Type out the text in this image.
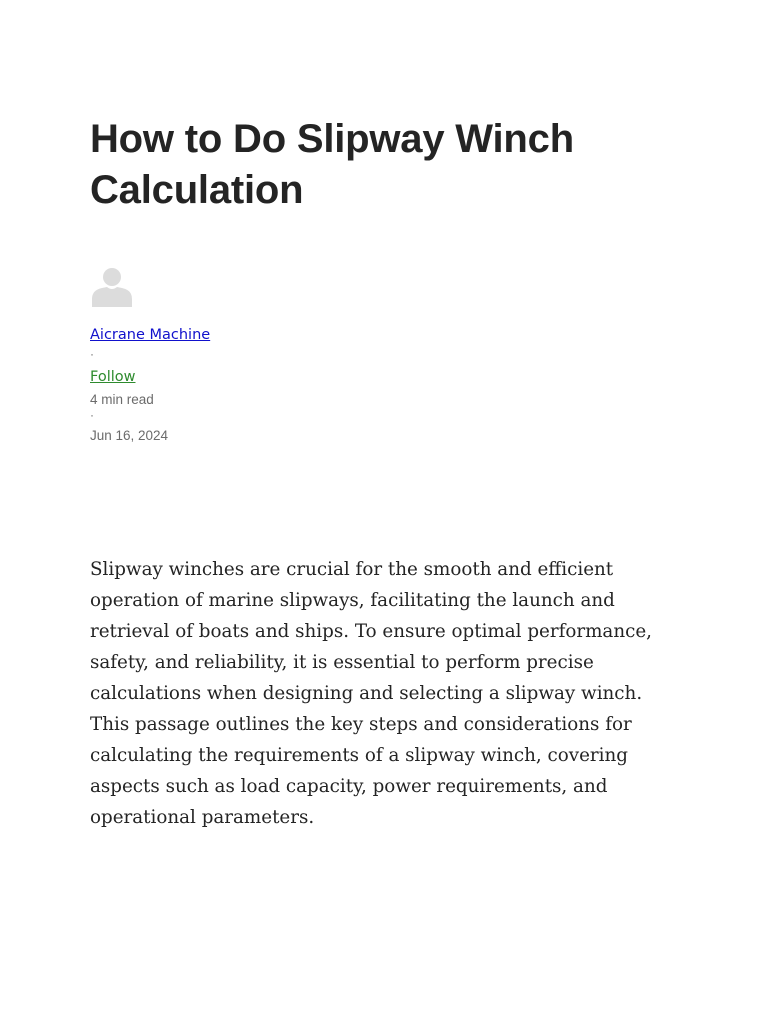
How to Do Slipway Winch Calculation
Aicrane Machine
·
Follow
4 min read
·
Jun 16, 2024

Slipway winches are crucial for the smooth and efficient operation of marine slipways, facilitating the launch and retrieval of boats and ships. To ensure optimal performance, safety, and reliability, it is essential to perform precise calculations when designing and selecting a slipway winch. This passage outlines the key steps and considerations for calculating the requirements of a slipway winch, covering aspects such as load capacity, power requirements, and operational parameters.
